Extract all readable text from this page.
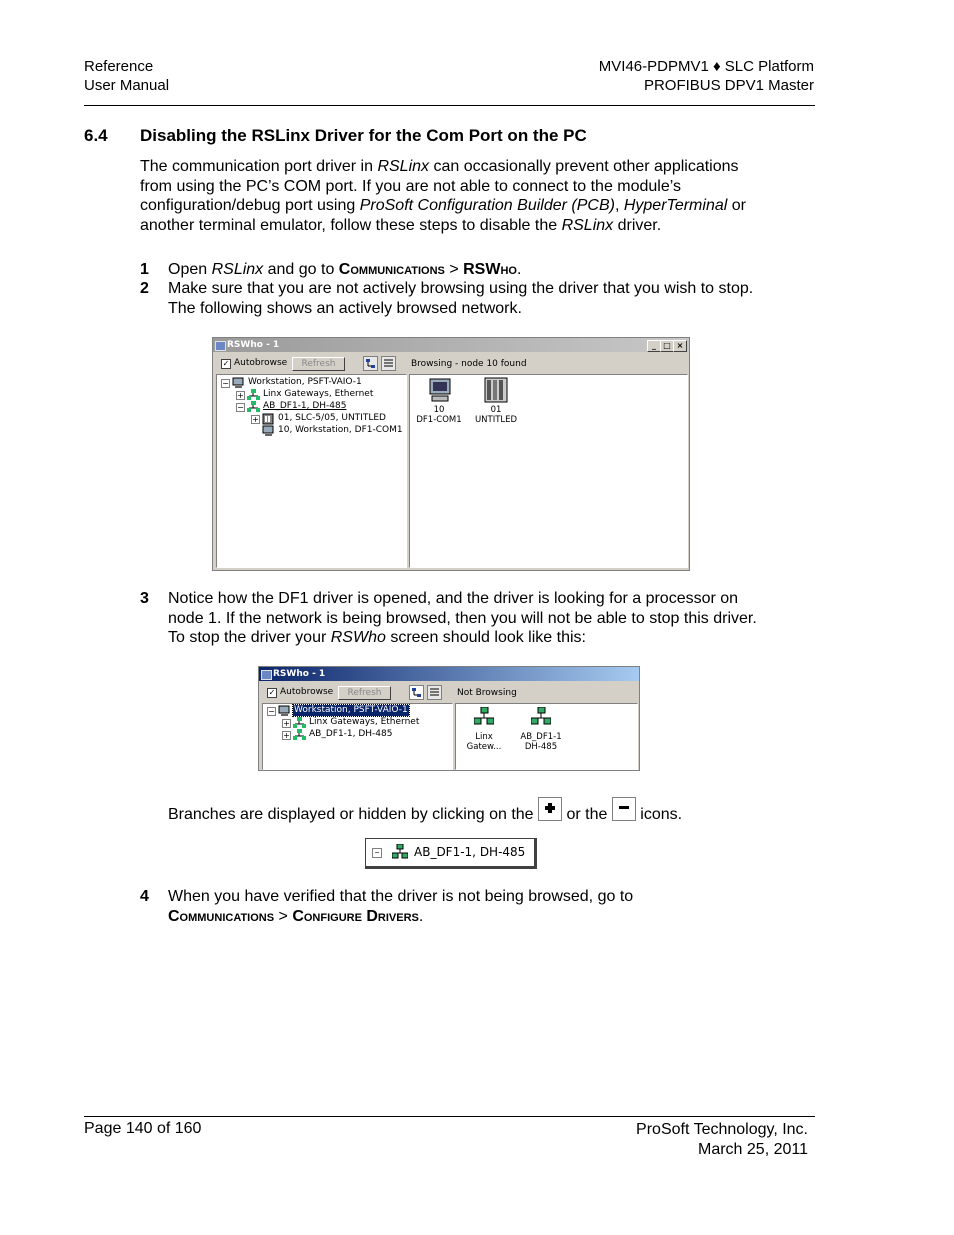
Reference
User Manual
MVI46-PDPMV1 ♦ SLC Platform
PROFIBUS DPV1 Master
6.4 Disabling the RSLinx Driver for the Com Port on the PC
The communication port driver in RSLinx can occasionally prevent other applications from using the PC’s COM port. If you are not able to connect to the module’s configuration/debug port using ProSoft Configuration Builder (PCB), HyperTerminal or another terminal emulator, follow these steps to disable the RSLinx driver.
1 Open RSLinx and go to Communications > RSWho.
2 Make sure that you are not actively browsing using the driver that you wish to stop. The following shows an actively browsed network.
RSWho - 1	_ □ ×
✓ Autobrowse	Refresh	Browsing - node 10 found
− Workstation, PSFT-VAIO-1
+ Linx Gateways, Ethernet
− AB_DF1-1, DH-485
+ 01, SLC-5/05, UNTITLED
10, Workstation, DF1-COM1
10
DF1-COM1
01
UNTITLED
3 Notice how the DF1 driver is opened, and the driver is looking for a processor on node 1. If the network is being browsed, then you will not be able to stop this driver. To stop the driver your RSWho screen should look like this:
RSWho - 1
✓ Autobrowse	Refresh	Not Browsing
− Workstation, PSFT-VAIO-1
+ Linx Gateways, Ethernet
+ AB_DF1-1, DH-485	Linx
Gatew...
AB_DF1-1
DH-485
Branches are displayed or hidden by clicking on the
or the
icons.
−	AB_DF1-1, DH-485
4 When you have verified that the driver is not being browsed, go to
Communications > Configure Drivers.
Page 140 of 160	ProSoft Technology, Inc.
March 25, 2011
